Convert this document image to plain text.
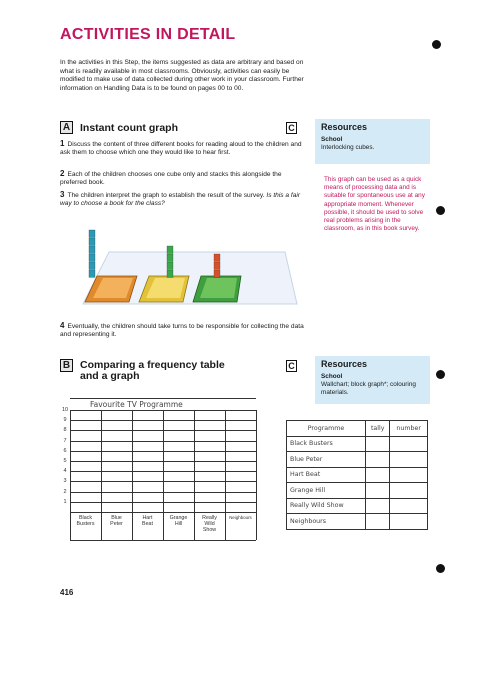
ACTIVITIES IN DETAIL
In the activities in this Step, the items suggested as data are arbitrary and based on what is readily available in most classrooms. Obviously, activities can easily be modified to make use of data collected during other work in your classroom. Further information on Handling Data is to be found on pages 00 to 00.
A Instant count graph	C	Resources
School
Interlocking cubes.
This graph can be used as a quick means of processing data and is suitable for spontaneous use at any appropriate moment. Whenever possible, it should be used to solve real problems arising in the classroom, as in this book survey.
1 Discuss the content of three different books for reading aloud to the children and ask them to choose which one they would like to hear first.
2 Each of the children chooses one cube only and stacks this alongside the preferred book.
3 The children interpret the graph to establish the result of the survey. Is this a fair way to choose a book for the class?
4 Eventually, the children should take turns to be responsible for collecting the data and representing it.
B Comparing a frequency table
and a graph
C	Resources
School
Wallchart; block graph*; colouring materials.
Favourite TV Programme
10
9
8
7
6
5
4
3
2
1
Black
Busters
Blue
Peter
Hart
Beat
Grange
Hill
Really
Wild
Show
Neighbours
Programme	tally	number
Black Busters		
Blue Peter		
Hart Beat		
Grange Hill		
Really Wild Show		
Neighbours		
416
